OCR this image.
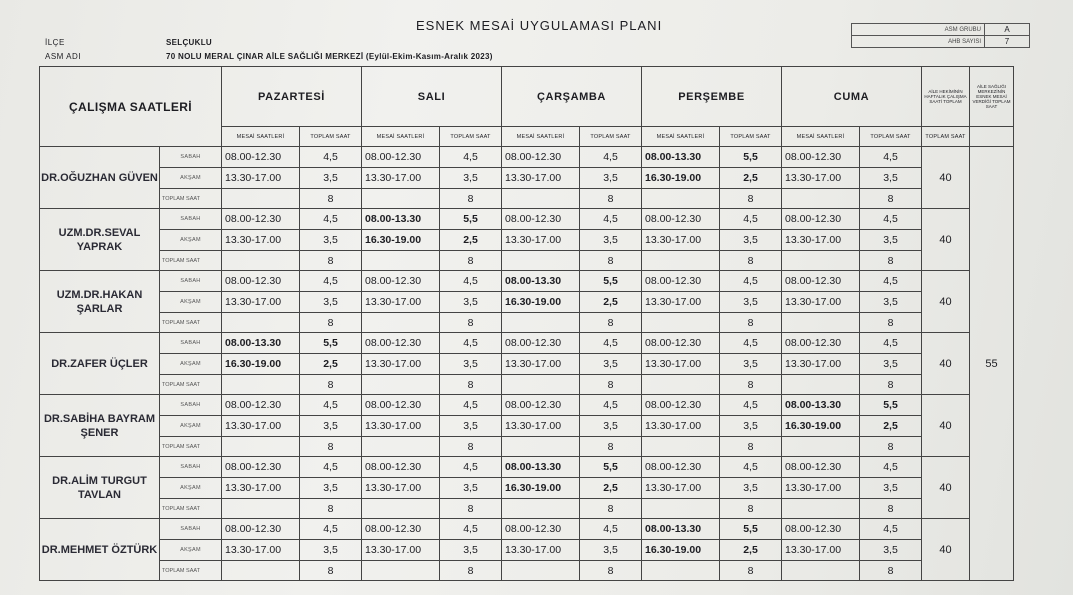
ESNEK MESAİ UYGULAMASI PLANI
İLÇE	SELÇUKLU
ASM ADI	70 NOLU MERAL ÇINAR AİLE SAĞLIĞI MERKEZİ (Eylül-Ekim-Kasım-Aralık 2023)
ASM GRUBU	A
AHB SAYISI	7
ÇALIŞMA SAATLERİ		PAZARTESİ		SALI		ÇARŞAMBA		PERŞEMBE		CUMA		AİLE HEKİMİNİN HAFTALIK ÇALIŞMA SAATİ TOPLAM	AİLE SAĞLIĞI MERKEZİNİN ESNEK MESAİ VERDİĞİ TOPLAM SAAT
		MESAİ SAATLERİ	TOPLAM SAAT	MESAİ SAATLERİ	TOPLAM SAAT	MESAİ SAATLERİ	TOPLAM SAAT	MESAİ SAATLERİ	TOPLAM SAAT	MESAİ SAATLERİ	TOPLAM SAAT	TOPLAM SAAT	
DR.OĞUZHAN GÜVEN	SABAH	08.00-12.30	4,5	08.00-12.30	4,5	08.00-12.30	4,5	08.00-13.30	5,5	08.00-12.30	4,5	40	55
	AKŞAM	13.30-17.00	3,5	13.30-17.00	3,5	13.30-17.00	3,5	16.30-19.00	2,5	13.30-17.00	3,5		
	TOPLAM SAAT		8		8		8		8		8		
UZM.DR.SEVAL YAPRAK	SABAH	08.00-12.30	4,5	08.00-13.30	5,5	08.00-12.30	4,5	08.00-12.30	4,5	08.00-12.30	4,5	40	
	AKŞAM	13.30-17.00	3,5	16.30-19.00	2,5	13.30-17.00	3,5	13.30-17.00	3,5	13.30-17.00	3,5		
	TOPLAM SAAT		8		8		8		8		8		
UZM.DR.HAKAN ŞARLAR	SABAH	08.00-12.30	4,5	08.00-12.30	4,5	08.00-13.30	5,5	08.00-12.30	4,5	08.00-12.30	4,5	40	
	AKŞAM	13.30-17.00	3,5	13.30-17.00	3,5	16.30-19.00	2,5	13.30-17.00	3,5	13.30-17.00	3,5		
	TOPLAM SAAT		8		8		8		8		8		
DR.ZAFER ÜÇLER	SABAH	08.00-13.30	5,5	08.00-12.30	4,5	08.00-12.30	4,5	08.00-12.30	4,5	08.00-12.30	4,5	40	
	AKŞAM	16.30-19.00	2,5	13.30-17.00	3,5	13.30-17.00	3,5	13.30-17.00	3,5	13.30-17.00	3,5		
	TOPLAM SAAT		8		8		8		8		8		
DR.SABİHA BAYRAM ŞENER	SABAH	08.00-12.30	4,5	08.00-12.30	4,5	08.00-12.30	4,5	08.00-12.30	4,5	08.00-13.30	5,5	40	
	AKŞAM	13.30-17.00	3,5	13.30-17.00	3,5	13.30-17.00	3,5	13.30-17.00	3,5	16.30-19.00	2,5		
	TOPLAM SAAT		8		8		8		8		8		
DR.ALİM TURGUT TAVLAN	SABAH	08.00-12.30	4,5	08.00-12.30	4,5	08.00-13.30	5,5	08.00-12.30	4,5	08.00-12.30	4,5	40	
	AKŞAM	13.30-17.00	3,5	13.30-17.00	3,5	16.30-19.00	2,5	13.30-17.00	3,5	13.30-17.00	3,5		
	TOPLAM SAAT		8		8		8		8		8		
DR.MEHMET ÖZTÜRK	SABAH	08.00-12.30	4,5	08.00-12.30	4,5	08.00-12.30	4,5	08.00-13.30	5,5	08.00-12.30	4,5	40	
	AKŞAM	13.30-17.00	3,5	13.30-17.00	3,5	13.30-17.00	3,5	16.30-19.00	2,5	13.30-17.00	3,5		
	TOPLAM SAAT		8		8		8		8		8		
